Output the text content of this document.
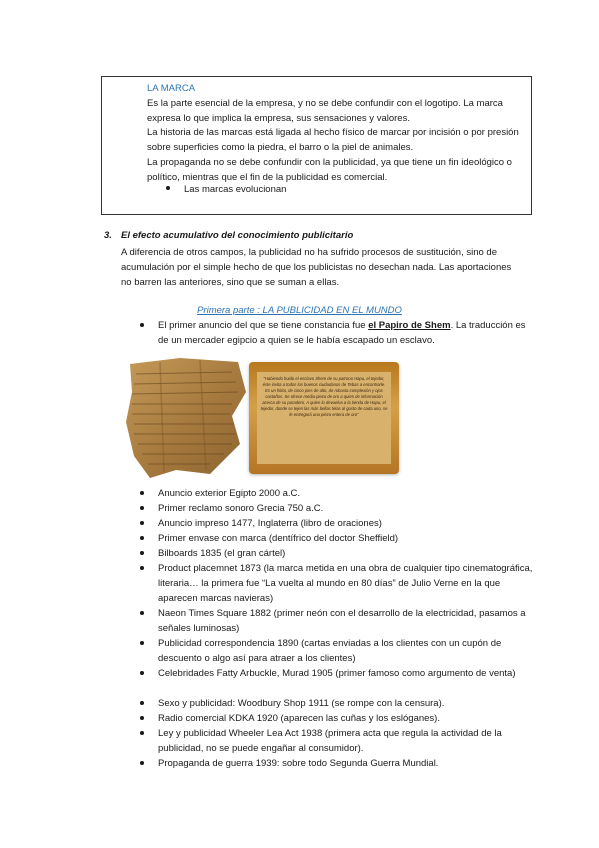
LA MARCA
Es la parte esencial de la empresa, y no se debe confundir con el logotipo. La marca expresa lo que implica la empresa, sus sensaciones y valores.
La historia de las marcas está ligada al hecho físico de marcar por incisión o por presión sobre superficies como la piedra, el barro o la piel de animales.
La propaganda no se debe confundir con la publicidad, ya que tiene un fin ideológico o político, mientras que el fin de la publicidad es comercial.
Las marcas evolucionan
3. El efecto acumulativo del conocimiento publicitario
A diferencia de otros campos, la publicidad no ha sufrido procesos de sustitución, sino de acumulación por el simple hecho de que los publicistas no desechan nada. Las aportaciones no barren las anteriores, sino que se suman a ellas.
Primera parte : LA PUBLICIDAD EN EL MUNDO
El primer anuncio del que se tiene constancia fue el Papiro de Shem. La traducción es de un mercader egipcio a quien se le había escapado un esclavo.
"Habiendo huido el esclavo Shem de su patrono Hapu, el tejedor, éste invita a todos los buenos ciudadanos de Tebas a encontrarle. Es un hitita, de cinco pies de alto, de robusta complexión y ojos castaños. Se ofrece media pieza de oro a quien de información acerca de su paradero. A quien lo devuelva a la tienda de Hapu, el tejedor, donde se tejen las más bellas telas al gusto de cada uno, se le entregará una pieza entera de oro"
Anuncio exterior Egipto 2000 a.C.
Primer reclamo sonoro Grecia 750 a.C.
Anuncio impreso 1477, Inglaterra (libro de oraciones)
Primer envase con marca (dentífrico del doctor Sheffield)
Bilboards 1835 (el gran cártel)
Product placemnet 1873 (la marca metida en una obra de cualquier tipo cinematográfica, literaria… la primera fue “La vuelta al mundo en 80 días” de Julio Verne en la que aparecen marcas navieras)
Naeon Times Square 1882 (primer neón con el desarrollo de la electricidad, pasamos a señales luminosas)
Publicidad correspondencia 1890 (cartas enviadas a los clientes con un cupón de descuento o algo así para atraer a los clientes)
Celebridades Fatty Arbuckle, Murad 1905 (primer famoso como argumento de venta)
Sexo y publicidad: Woodbury Shop 1911 (se rompe con la censura).
Radio comercial KDKA 1920 (aparecen las cuñas y los eslóganes).
Ley y publicidad Wheeler Lea Act 1938 (primera acta que regula la actividad de la publicidad, no se puede engañar al consumidor).
Propaganda de guerra 1939: sobre todo Segunda Guerra Mundial.
